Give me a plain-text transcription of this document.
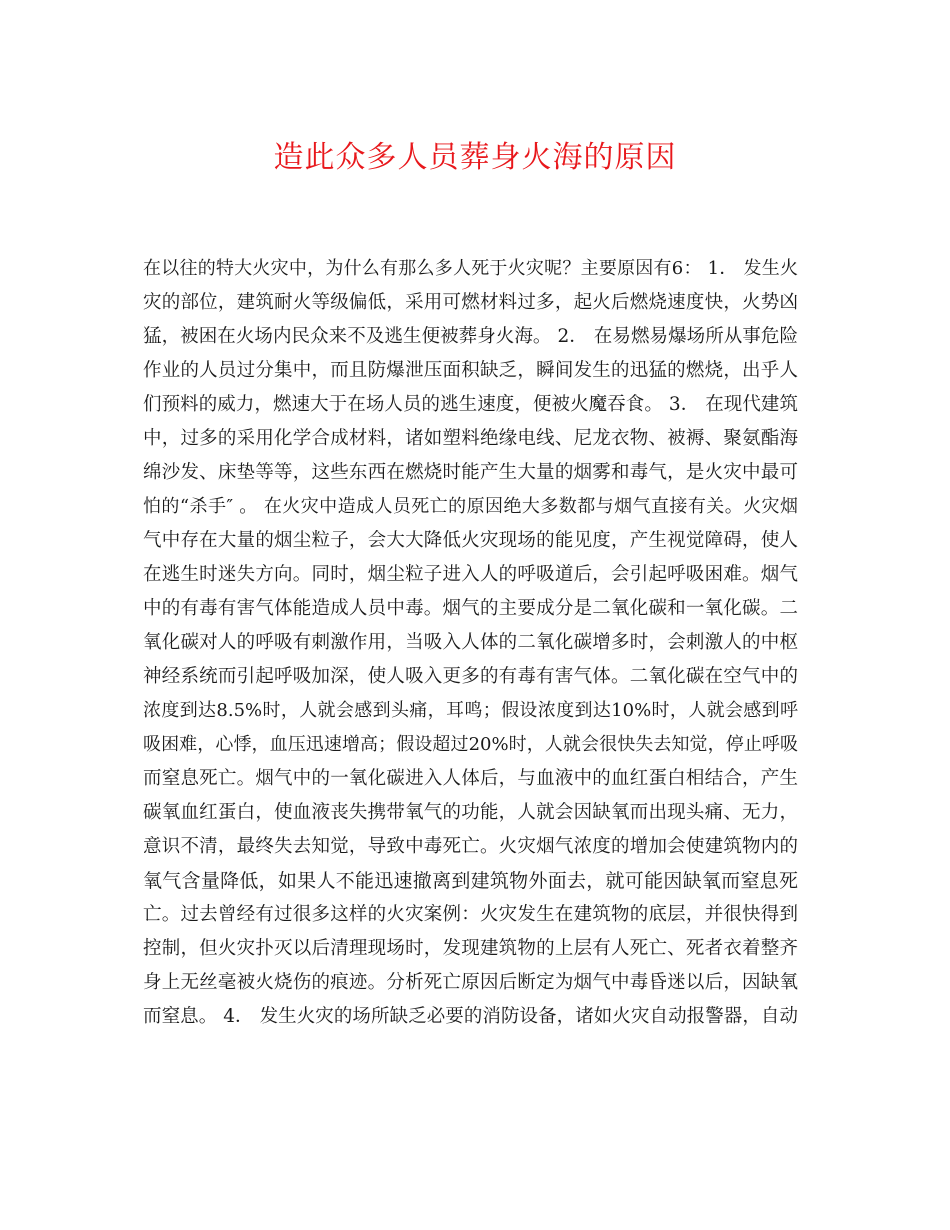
造此众多人员葬身火海的原因
在以往的特大火灾中，为什么有那么多人死于火灾呢？主要原因有6： 1． 发生火
灾的部位，建筑耐火等级偏低，采用可燃材料过多，起火后燃烧速度快，火势凶
猛，被困在火场内民众来不及逃生便被葬身火海。 2． 在易燃易爆场所从事危险
作业的人员过分集中，而且防爆泄压面积缺乏，瞬间发生的迅猛的燃烧，出乎人
们预料的威力，燃速大于在场人员的逃生速度，便被火魔吞食。 3． 在现代建筑
中，过多的采用化学合成材料，诸如塑料绝缘电线、尼龙衣物、被褥、聚氨酯海
绵沙发、床垫等等，这些东西在燃烧时能产生大量的烟雾和毒气，是火灾中最可
怕的“杀手″ 。 在火灾中造成人员死亡的原因绝大多数都与烟气直接有关。火灾烟
气中存在大量的烟尘粒子，会大大降低火灾现场的能见度，产生视觉障碍，使人
在逃生时迷失方向。同时，烟尘粒子进入人的呼吸道后，会引起呼吸困难。烟气
中的有毒有害气体能造成人员中毒。烟气的主要成分是二氧化碳和一氧化碳。二
氧化碳对人的呼吸有刺激作用，当吸入人体的二氧化碳增多时，会刺激人的中枢
神经系统而引起呼吸加深，使人吸入更多的有毒有害气体。二氧化碳在空气中的
浓度到达8.5%时，人就会感到头痛，耳鸣；假设浓度到达10%时，人就会感到呼
吸困难，心悸，血压迅速增高；假设超过20%时，人就会很快失去知觉，停止呼吸
而窒息死亡。烟气中的一氧化碳进入人体后，与血液中的血红蛋白相结合，产生
碳氧血红蛋白，使血液丧失携带氧气的功能，人就会因缺氧而出现头痛、无力，
意识不清，最终失去知觉，导致中毒死亡。火灾烟气浓度的增加会使建筑物内的
氧气含量降低，如果人不能迅速撤离到建筑物外面去，就可能因缺氧而窒息死
亡。过去曾经有过很多这样的火灾案例：火灾发生在建筑物的底层，并很快得到
控制，但火灾扑灭以后清理现场时，发现建筑物的上层有人死亡、死者衣着整齐
身上无丝毫被火烧伤的痕迹。分析死亡原因后断定为烟气中毒昏迷以后，因缺氧
而窒息。 4． 发生火灾的场所缺乏必要的消防设备，诸如火灾自动报警器，自动
